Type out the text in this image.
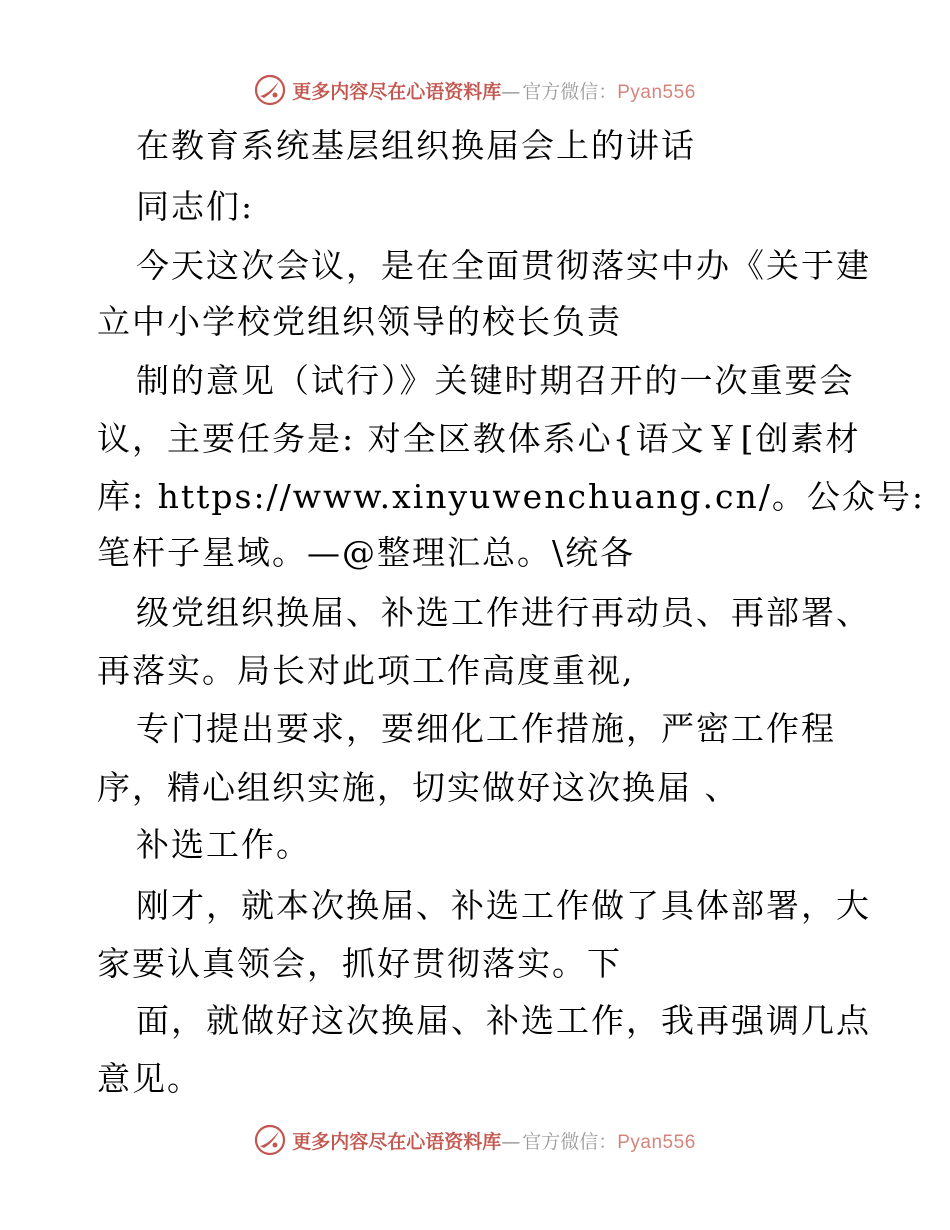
更多内容尽在心语资料库— 官方微信：Pyan556
在教育系统基层组织换届会上的讲话
同志们:
今天这次会议，是在全面贯彻落实中办《关于建
立中小学校党组织领导的校长负责
制的意见（试行）》关键时期召开的一次重要会
议，主要任务是: 对全区教体系心{语文￥[创素材
库: https://www.xinyuwenchuang.cn/。公众号:
笔杆子星域。—@整理汇总。\统各
级党组织换届、补选工作进行再动员、再部署、
再落实。局长对此项工作高度重视,
专门提出要求，要细化工作措施，严密工作程
序，精心组织实施，切实做好这次换届 、
补选工作。
刚才，就本次换届、补选工作做了具体部署，大
家要认真领会，抓好贯彻落实。下
面，就做好这次换届、补选工作，我再强调几点
意见。
更多内容尽在心语资料库— 官方微信：Pyan556
